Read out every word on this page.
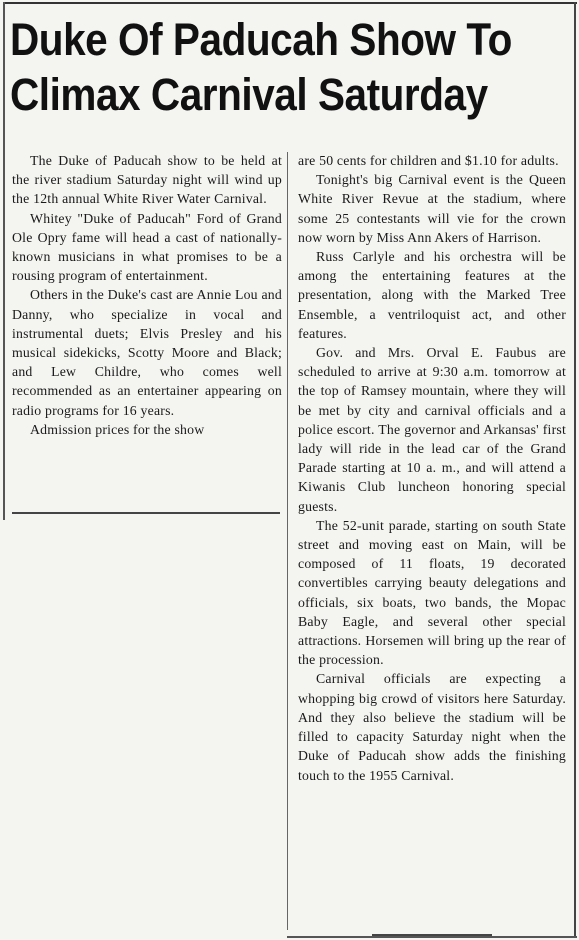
Duke Of Paducah Show To Climax Carnival Saturday

The Duke of Paducah show to be held at the river stadium Saturday night will wind up the 12th annual White River Water Carnival.

Whitey "Duke of Paducah" Ford of Grand Ole Opry fame will head a cast of nationally-known musicians in what promises to be a rousing program of entertainment.

Others in the Duke's cast are Annie Lou and Danny, who specialize in vocal and instrumental duets; Elvis Presley and his musical sidekicks, Scotty Moore and Black; and Lew Childre, who comes well recommended as an entertainer appearing on radio programs for 16 years.

Admission prices for the show

are 50 cents for children and $1.10 for adults.

Tonight's big Carnival event is the Queen White River Revue at the stadium, where some 25 contestants will vie for the crown now worn by Miss Ann Akers of Harrison.

Russ Carlyle and his orchestra will be among the entertaining features at the presentation, along with the Marked Tree Ensemble, a ventriloquist act, and other features.

Gov. and Mrs. Orval E. Faubus are scheduled to arrive at 9:30 a.m. tomorrow at the top of Ramsey mountain, where they will be met by city and carnival officials and a police escort. The governor and Arkansas' first lady will ride in the lead car of the Grand Parade starting at 10 a. m., and will attend a Kiwanis Club luncheon honoring special guests.

The 52-unit parade, starting on south State street and moving east on Main, will be composed of 11 floats, 19 decorated convertibles carrying beauty delegations and officials, six boats, two bands, the Mopac Baby Eagle, and several other special attractions. Horsemen will bring up the rear of the procession.

Carnival officials are expecting a whopping big crowd of visitors here Saturday. And they also believe the stadium will be filled to capacity Saturday night when the Duke of Paducah show adds the finishing touch to the 1955 Carnival.
